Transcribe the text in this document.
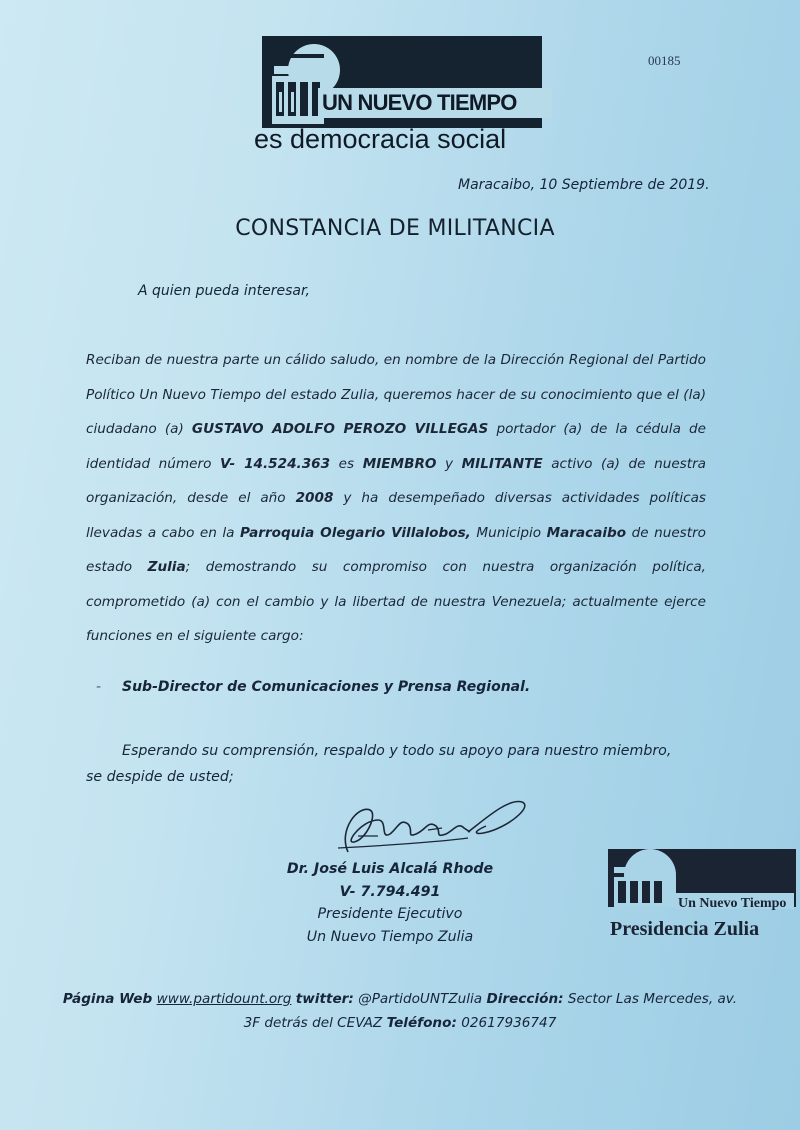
UN NUEVO TIEMPO
es democracia social
00185
Maracaibo, 10 Septiembre de 2019.
CONSTANCIA DE MILITANCIA
A quien pueda interesar,
Reciban de nuestra parte un cálido saludo, en nombre de la Dirección Regional del Partido Político Un Nuevo Tiempo del estado Zulia, queremos hacer de su conocimiento que el (la) ciudadano (a) GUSTAVO ADOLFO PEROZO VILLEGAS portador (a) de la cédula de identidad número V- 14.524.363 es MIEMBRO y MILITANTE activo (a) de nuestra organización, desde el año 2008 y ha desempeñado diversas actividades políticas llevadas a cabo en la Parroquia Olegario Villalobos, Municipio Maracaibo de nuestro estado Zulia; demostrando su compromiso con nuestra organización política, comprometido (a) con el cambio y la libertad de nuestra Venezuela; actualmente ejerce funciones en el siguiente cargo:
- Sub-Director de Comunicaciones y Prensa Regional.
Esperando su comprensión, respaldo y todo su apoyo para nuestro miembro,
se despide de usted;
Dr. José Luis Alcalá Rhode
V- 7.794.491
Presidente Ejecutivo
Un Nuevo Tiempo Zulia
Un Nuevo Tiempo
Presidencia Zulia
Página Web www.partidount.org twitter: @PartidoUNTZulia Dirección: Sector Las Mercedes, av. 3F detrás del CEVAZ Teléfono: 02617936747
